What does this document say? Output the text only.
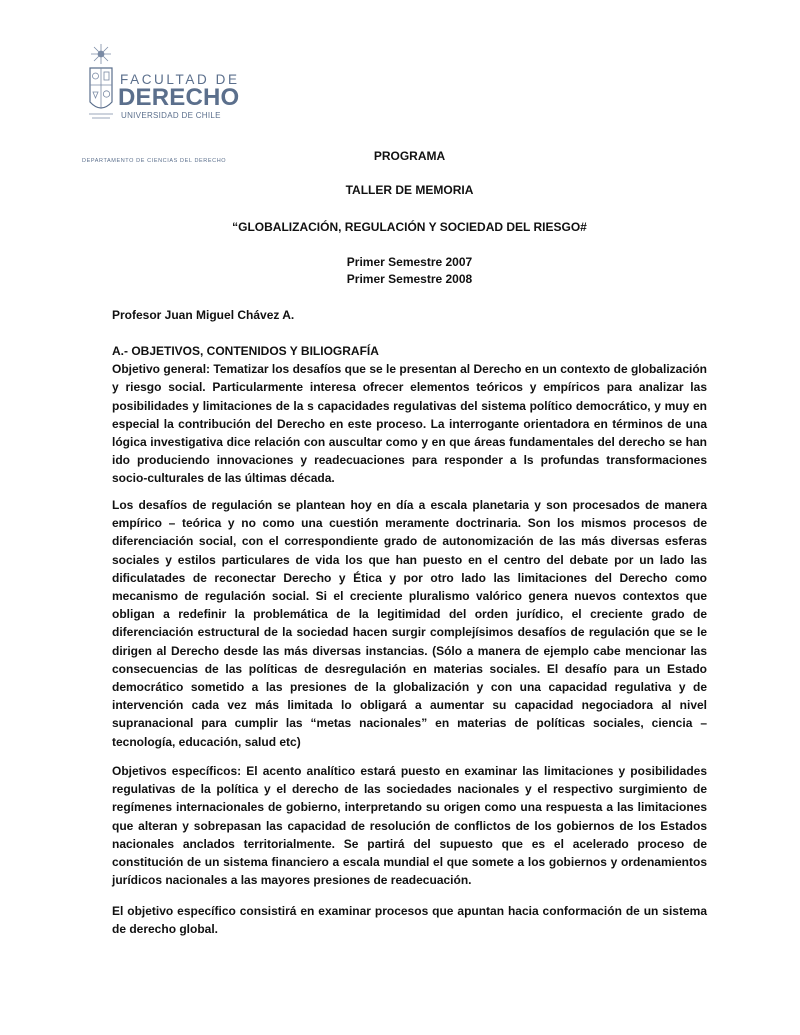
FACULTAD DE
DERECHO
UNIVERSIDAD DE CHILE
DEPARTAMENTO DE CIENCIAS DEL DERECHO	PROGRAMA
TALLER DE MEMORIA
“GLOBALIZACIÓN, REGULACIÓN Y SOCIEDAD DEL RIESGO#
Primer Semestre 2007
Primer Semestre 2008
Profesor Juan Miguel Chávez A.

A.- OBJETIVOS, CONTENIDOS Y BILIOGRAFÍA

Objetivo general: Tematizar los desafíos que se le presentan al Derecho en un contexto de globalización y riesgo social. Particularmente interesa ofrecer elementos teóricos y empíricos para analizar las posibilidades y limitaciones de la s capacidades regulativas del sistema político democrático, y muy en especial la contribución del Derecho en este proceso. La interrogante orientadora en términos de una lógica investigativa dice relación con auscultar como y en que áreas fundamentales del derecho se han ido produciendo innovaciones y readecuaciones para responder a ls profundas transformaciones socio-culturales de las últimas década.

Los desafíos de regulación se plantean hoy en día a escala planetaria y son procesados de manera empírico – teórica y no como una cuestión meramente doctrinaria. Son los mismos procesos de diferenciación social, con el correspondiente grado de autonomización de las más diversas esferas sociales y estilos particulares de vida los que han puesto en el centro del debate por un lado las dificulatades de reconectar Derecho y Ética y por otro lado las limitaciones del Derecho como mecanismo de regulación social. Si el creciente pluralismo valórico genera nuevos contextos que obligan a redefinir la problemática de la legitimidad del orden jurídico, el creciente grado de diferenciación estructural de la sociedad hacen surgir complejísimos desafíos de regulación que se le dirigen al Derecho desde las más diversas instancias. (Sólo a manera de ejemplo cabe mencionar las consecuencias de las políticas de desregulación en materias sociales. El desafío para un Estado democrático sometido a las presiones de la globalización y con una capacidad regulativa y de intervención cada vez más limitada lo obligará a aumentar su capacidad negociadora al nivel supranacional para cumplir las “metas nacionales” en materias de políticas sociales, ciencia – tecnología, educación, salud etc)

Objetivos específicos: El acento analítico estará puesto en examinar las limitaciones y posibilidades regulativas de la política y el derecho de las sociedades nacionales y el respectivo surgimiento de regímenes internacionales de gobierno, interpretando su origen como una respuesta a las limitaciones que alteran y sobrepasan las capacidad de resolución de conflictos de los gobiernos de los Estados nacionales anclados territorialmente. Se partirá del supuesto que es el acelerado proceso de constitución de un sistema financiero a escala mundial el que somete a los gobiernos y ordenamientos jurídicos nacionales a las mayores presiones de readecuación.

El objetivo específico consistirá en examinar procesos que apuntan hacia conformación de un sistema de derecho global.
